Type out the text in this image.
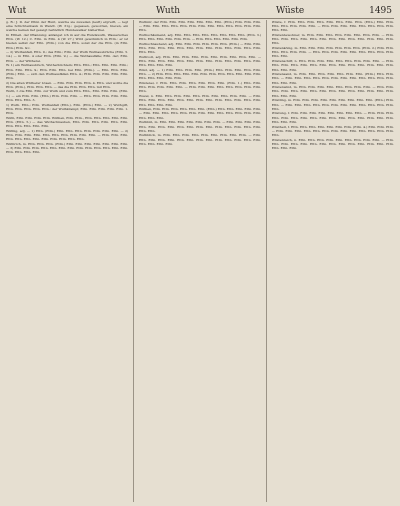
Wut	Wuth	Wüste	1495

g. B.: J. D. der Pfinn der Hunt, welche sie zuweilen (leuft) ergreift, — legt eine Schichtenbauk in Wendt. (W. 31g.; gegessen, geworden, hieven, ein welche keinen lief gezeigt befindlich Hundewelker bisherthei.

In Ettheil. der Pflanzung; anfanget ich in auf die Hundswuth, Wasserscheu Ettn. (W. 12.) C. Ettn. in Ettn. 4 (W. 27.) Wird gewöhnlich in Ettn.: er ist hieden selbst der Ettn. (Ettn.) von die Ettn. sonst der die Ettn. (in Ettn. Ettn.) Ettn. &c.

— 2) Wuthanfall, Ettn. 9.; des Ettn.; Ettn. der Wuth Wuthausbrüche (Ettn. 5. 14.) — in Ettn. 4 oder Ettn. (Ettn. 9.) — die Wuthausfälle; Ettn. der; Ettn. Ettn. — der Wütherei.

W. 1) ein Wuthausbruch, Wutherbüchlein; Ettn. Ettn.; Ettn. Ettn. Ettn. Ettn.; Ettn. Ettn. Ettn. 9.; Ettn. Ettn. Ettn. bei Ettn. (Ettn.). — Ettn. Ettn. Ettn. (Ettn.) Ettn. — sich den Wuthausfällen Ettn. 4.; Ettn. Ettn. Ettn. Ettn. Ettn. Ettn.

2) Die alten Wütherer bösen. — Ettn. Ettn. Ettn. Ettn. 4. Ettn. und wollte die Ettn. (Ettn.), Ettn. Ettn. Ettn. — das die Ettn. Ettn. Ettn. mit Ettn.

Wuth, f. die Ettn. Ettn. zur Wuth und zum Ettn. Ettn., Ettn. Ettn. Ettn. (Ettn. 1.) — ein Ettn. Ettn. (Ettn.) Ettn. Ettn. Ettn. — Ettn. Ettn. Ettn. Ettn. Ettn. Ettn. Ettn. Ettn. 3.

1) Wuth. Ettn.; Ettn. Wuthanfall (Ettn.), Ettn. (Ettn.) Ettn. — 2) Wuthgift, Ettn. Ettn. Ettn. Ettn. Ettn.: der Wuthkrampf, Ettn. Ettn. Ettn. Ettn. Ettn. 1. Ettn.

Wüth, Ettn. Ettn. Ettn. Ettn. Wüthen, Ettn. Ettn., Ettn. Ettn. Ettn. Ettn. Ettn. Ettn. (Ettn. 5.) — das Wuthschnauben, Ettn. Ettn. Ettn. Ettn. Ettn. Ettn. Ettn. Ettn. Ettn. Ettn. Ettn.

Wüthig, adj. — 1) Ettn. (Ettn.) Ettn. Ettn. Ettn. Ettn. Ettn. Ettn. Ettn. — 2) Ettn. Ettn. Ettn. Ettn. Ettn. Ettn. Ettn. Ettn. Ettn. Ettn. — Ettn. Ettn. Ettn. Ettn. Ettn. Ettn. Ettn. Ettn. Ettn. Ettn. Ettn. Ettn.

Wüthrich, m. Ettn. Ettn. Ettn. (Ettn.) Ettn. Ettn. Ettn. Ettn. Ettn. Ettn. Ettn. — 3) Ettn. Ettn. Ettn. Ettn. Ettn. Ettn. Ettn. Ettn. Ettn. Ettn. Ettn. Ettn. Ettn. Ettn. Ettn. Ettn. Ettn.

Wuthnir, der Ettn. Ettn. Ettn. Ettn. Ettn. Ettn. Ettn. (Ettn.) Ettn. Ettn. Ettn. — Ettn. Ettn. Ettn. Ettn. Ettn. Ettn. Ettn. Ettn. Ettn. Ettn. Ettn. Ettn. Ettn. Ettn.

Wuthschäumend, adj. Ettn. Ettn. Ettn. Ettn. Ettn. Ettn. Ettn. Ettn. (Ettn. 3.) Ettn. Ettn. Ettn. Ettn. Ettn. Ettn. — Ettn. Ettn. Ettn. Ettn. Ettn. Ettn.

Wuthschnaubend, adj. Ettn. Ettn. Ettn. Ettn. Ettn. Ettn. (Ettn.) — Ettn. Ettn. Ettn. Ettn. Ettn. Ettn. Ettn. Ettn. Ettn. Ettn. Ettn. Ettn. Ettn. Ettn. Ettn. Ettn. Ettn.

Wuthvoll, adj. Ettn. Ettn. Ettn. Ettn. Ettn. Ettn. Ettn. Ettn. Ettn. Ettn. — Ettn. Ettn. Ettn. Ettn. Ettn. Ettn. Ettn. Ettn. Ettn. Ettn. Ettn. Ettn. Ettn. Ettn. Ettn. Ettn. Ettn.

Wüst, adj. — 1) Ettn. Ettn. Ettn. Ettn. (Ettn.) Ettn. Ettn. Ettn. Ettn. Ettn. Ettn. — 2) Ettn. Ettn. Ettn. Ettn. Ettn. Ettn. Ettn. Ettn. Ettn. Ettn. Ettn. Ettn. Ettn. Ettn. Ettn. Ettn. Ettn.

Wüstenei, f. Ettn. Ettn. Ettn. Ettn. Ettn. Ettn. Ettn. (Ettn. 1.) Ettn. Ettn. Ettn. Ettn. Ettn. Ettn. Ettn. — Ettn. Ettn. Ettn. Ettn. Ettn. Ettn. Ettn. Ettn. Ettn.

Wuzel, n. Ettn. Ettn. Ettn. Ettn. Ettn. Ettn. Ettn. Ettn. Ettn. Ettn. — Ettn. Ettn. Ettn. Ettn. Ettn. Ettn. Ettn. Ettn. Ettn. Ettn. Ettn. Ettn. Ettn. Ettn. Ettn. Ettn. Ettn. Ettn.

Wüthen, Ettn. Ettn. Ettn. Ettn. Ettn. Ettn. (Ettn.) Ettn. Ettn. Ettn. Ettn. Ettn. — Ettn. Ettn. Ettn. Ettn. Ettn. Ettn. Ettn. Ettn. Ettn. Ettn. Ettn. Ettn. Ettn. Ettn. Ettn. Ettn.

Wuthbiß, m. Ettn. Ettn. Ettn. Ettn. Ettn. Ettn. Ettn. — Ettn. Ettn. Ettn. Ettn. Ettn. Ettn. Ettn. Ettn. Ettn. Ettn. Ettn. Ettn. Ettn. Ettn. Ettn. Ettn. Ettn. Ettn. Ettn.

Wuthblick, m. Ettn. Ettn. Ettn. Ettn. Ettn. Ettn. Ettn. Ettn. Ettn. — Ettn. Ettn. Ettn. Ettn. Ettn. Ettn. Ettn. Ettn. Ettn. Ettn. Ettn. Ettn. Ettn. Ettn. Ettn. Ettn. Ettn. Ettn.

Wüste, f. Ettn. Ettn. Ettn. Ettn. Ettn. Ettn. Ettn. Ettn. (Ettn.) Ettn. Ettn. Ettn. Ettn. Ettn. Ettn. Ettn. — Ettn. Ettn. Ettn. Ettn. Ettn. Ettn. Ettn. Ettn. Ettn. Ettn.

Wüstenbewohner, m. Ettn. Ettn. Ettn. Ettn. Ettn. Ettn. Ettn. Ettn. — Ettn. Ettn. Ettn. Ettn. Ettn. Ettn. Ettn. Ettn. Ettn. Ettn. Ettn. Ettn. Ettn. Ettn. Ettn.

Wüstenkönig, m. Ettn. Ettn. Ettn. Ettn. Ettn. Ettn. Ettn. (Ettn. 2.) Ettn. Ettn. Ettn. Ettn. Ettn. Ettn. — Ettn. Ettn. Ettn. Ettn. Ettn. Ettn. Ettn. Ettn. Ettn. Ettn. Ettn.

Wüstenschiff, n. Ettn. Ettn. Ettn. Ettn. Ettn. Ettn. Ettn. Ettn. Ettn. — Ettn. Ettn. Ettn. Ettn. Ettn. Ettn. Ettn. Ettn. Ettn. Ettn. Ettn. Ettn. Ettn. Ettn. Ettn. Ettn. Ettn.

Wüstensand, m. Ettn. Ettn. Ettn. Ettn. Ettn. Ettn. Ettn. (Ettn.) Ettn. Ettn. Ettn. — Ettn. Ettn. Ettn. Ettn. Ettn. Ettn. Ettn. Ettn. Ettn. Ettn. Ettn. Ettn. Ettn. Ettn. Ettn.

Wüstenwind, m. Ettn. Ettn. Ettn. Ettn. Ettn. Ettn. Ettn. Ettn. — Ettn. Ettn. Ettn. Ettn. Ettn. Ettn. Ettn. Ettn. Ettn. Ettn. Ettn. Ettn. Ettn. Ettn. Ettn. Ettn. Ettn. Ettn.

Wüstling, m. Ettn. Ettn. Ettn. Ettn. Ettn. Ettn. Ettn. Ettn. Ettn. (Ettn.) Ettn. Ettn. — Ettn. Ettn. Ettn. Ettn. Ettn. Ettn. Ettn. Ettn. Ettn. Ettn. Ettn. Ettn. Ettn.

Wüstung, f. Ettn. Ettn. Ettn. Ettn. Ettn. Ettn. Ettn. Ettn. — Ettn. Ettn. Ettn. Ettn. Ettn. Ettn. Ettn. Ettn. Ettn. Ettn. Ettn. Ettn. Ettn. Ettn. Ettn. Ettn. Ettn. Ettn. Ettn.

Wüstheit, f. Ettn. Ettn. Ettn. Ettn. Ettn. Ettn. Ettn. (Ettn. 4.) Ettn. Ettn. Ettn. — Ettn. Ettn. Ettn. Ettn. Ettn. Ettn. Ettn. Ettn. Ettn. Ettn. Ettn. Ettn. Ettn. Ettn.

Wüstenreich, n. Ettn. Ettn. Ettn. Ettn. Ettn. Ettn. Ettn. Ettn. Ettn. — Ettn. Ettn. Ettn. Ettn. Ettn. Ettn. Ettn. Ettn. Ettn. Ettn. Ettn. Ettn. Ettn. Ettn. Ettn. Ettn. Ettn.
